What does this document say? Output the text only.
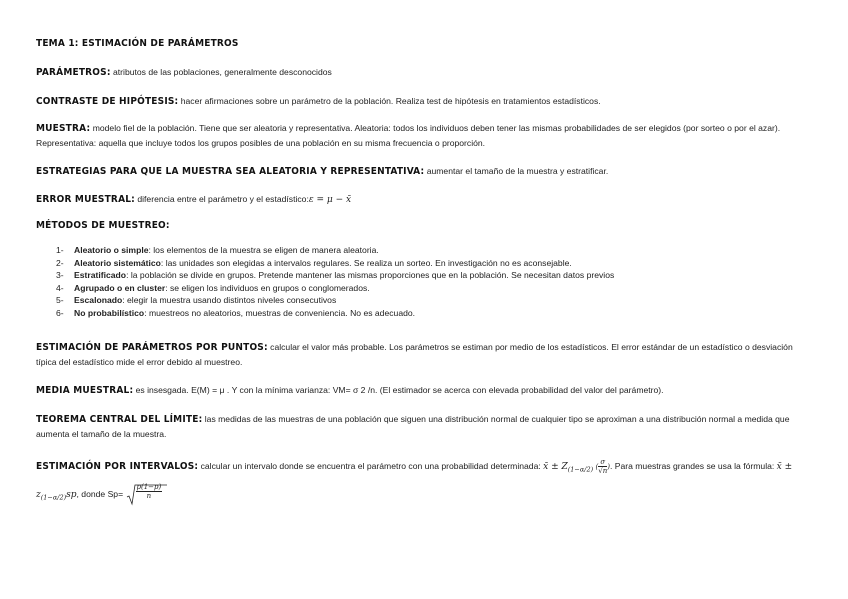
TEMA 1: ESTIMACIÓN DE PARÁMETROS
PARÁMETROS: atributos de las poblaciones, generalmente desconocidos
CONTRASTE DE HIPÓTESIS: hacer afirmaciones sobre un parámetro de la población. Realiza test de hipótesis en tratamientos estadísticos.
MUESTRA: modelo fiel de la población. Tiene que ser aleatoria y representativa. Aleatoria: todos los individuos deben tener las mismas probabilidades de ser elegidos (por sorteo o por el azar). Representativa: aquella que incluye todos los grupos posibles de una población en su misma frecuencia o proporción.
ESTRATEGIAS PARA QUE LA MUESTRA SEA ALEATORIA Y REPRESENTATIVA: aumentar el tamaño de la muestra y estratificar.
ERROR MUESTRAL: diferencia entre el parámetro y el estadístico:ε = μ − x̄
MÉTODOS DE MUESTREO:
1- Aleatorio o simple: los elementos de la muestra se eligen de manera aleatoria.
2- Aleatorio sistemático: las unidades son elegidas a intervalos regulares. Se realiza un sorteo. En investigación no es aconsejable.
3- Estratificado: la población se divide en grupos. Pretende mantener las mismas proporciones que en la población. Se necesitan datos previos
4- Agrupado o en cluster: se eligen los individuos en grupos o conglomerados.
5- Escalonado: elegir la muestra usando distintos niveles consecutivos
6- No probabilístico: muestreos no aleatorios, muestras de conveniencia. No es adecuado.
ESTIMACIÓN DE PARÁMETROS POR PUNTOS: calcular el valor más probable. Los parámetros se estiman por medio de los estadísticos. El error estándar de un estadístico o desviación típica del estadístico mide el error debido al muestreo.
MEDIA MUESTRAL: es insesgada. E(M) = μ . Y con la mínima varianza: VM= σ 2 /n. (El estimador se acerca con elevada probabilidad del valor del parámetro).
TEOREMA CENTRAL DEL LÍMITE: las medidas de las muestras de una población que siguen una distribución normal de cualquier tipo se aproximan a una distribución normal a medida que aumenta el tamaño de la muestra.
ESTIMACIÓN POR INTERVALOS: calcular un intervalo donde se encuentra el parámetro con una probabilidad determinada: x̄ ± $Z_{(1-\alpha/2)}$ ( $\frac{\sigma}{√n}$ ). Para muestras grandes se usa la fórmula: x̄ ± $z_{(1-\alpha/2)}sp$, donde $Sp= \frac{p(1-p)}{n}$
